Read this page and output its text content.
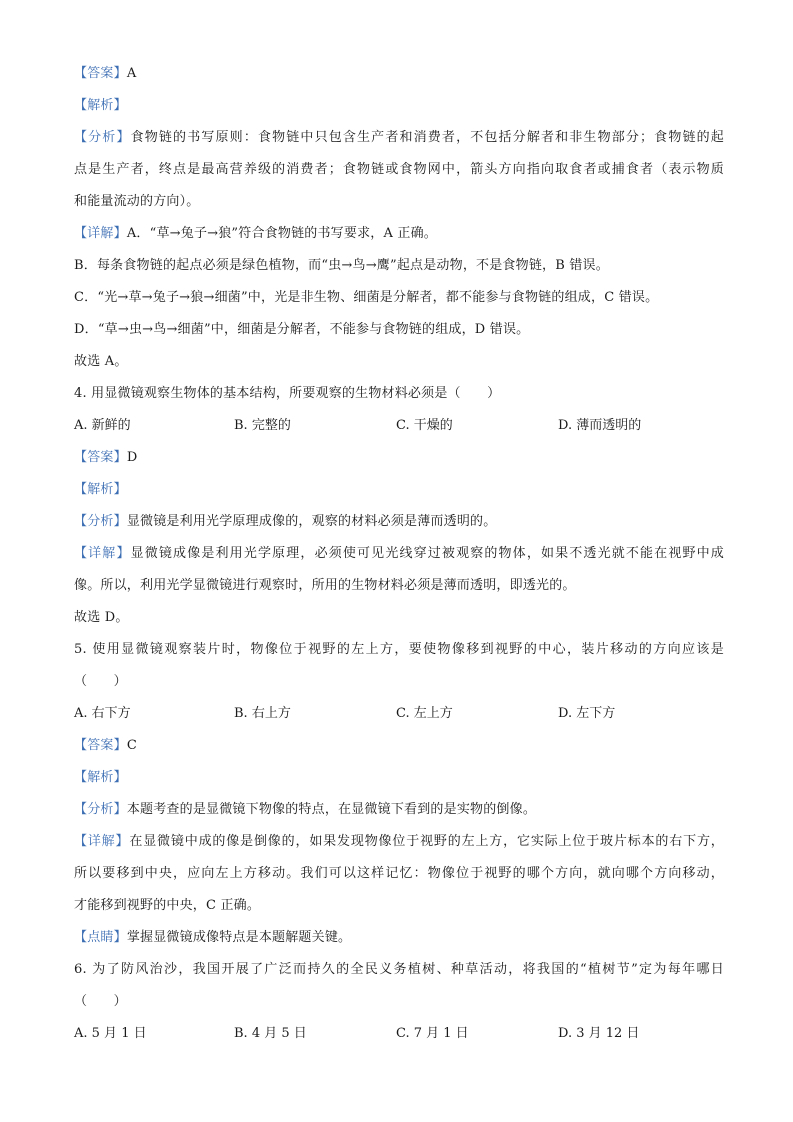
【答案】A
【解析】
【分析】食物链的书写原则：食物链中只包含生产者和消费者，不包括分解者和非生物部分；食物链的起
点是生产者，终点是最高营养级的消费者；食物链或食物网中，箭头方向指向取食者或捕食者（表示物质
和能量流动的方向）。
【详解】A．“草→兔子→狼”符合食物链的书写要求，A 正确。
B．每条食物链的起点必须是绿色植物，而“虫→鸟→鹰”起点是动物，不是食物链，B 错误。
C．“光→草→兔子→狼→细菌”中，光是非生物、细菌是分解者，都不能参与食物链的组成，C 错误。
D．“草→虫→鸟→细菌”中，细菌是分解者，不能参与食物链的组成，D 错误。
故选 A。
4. 用显微镜观察生物体的基本结构，所要观察的生物材料必须是（　　）
A. 新鲜的	B. 完整的	C. 干燥的	D. 薄而透明的
【答案】D
【解析】
【分析】显微镜是利用光学原理成像的，观察的材料必须是薄而透明的。
【详解】显微镜成像是利用光学原理，必须使可见光线穿过被观察的物体，如果不透光就不能在视野中成
像。所以，利用光学显微镜进行观察时，所用的生物材料必须是薄而透明，即透光的。
故选 D。
5. 使用显微镜观察装片时，物像位于视野的左上方，要使物像移到视野的中心，装片移动的方向应该是
（　　）
A. 右下方	B. 右上方	C. 左上方	D. 左下方
【答案】C
【解析】
【分析】本题考查的是显微镜下物像的特点，在显微镜下看到的是实物的倒像。
【详解】在显微镜中成的像是倒像的，如果发现物像位于视野的左上方，它实际上位于玻片标本的右下方，
所以要移到中央，应向左上方移动。我们可以这样记忆：物像位于视野的哪个方向，就向哪个方向移动，
才能移到视野的中央，C 正确。
【点睛】掌握显微镜成像特点是本题解题关键。
6. 为了防风治沙，我国开展了广泛而持久的全民义务植树、种草活动，将我国的“植树节”定为每年哪日
（　　）
A. 5 月 1 日	B. 4 月 5 日	C. 7 月 1 日	D. 3 月 12 日
